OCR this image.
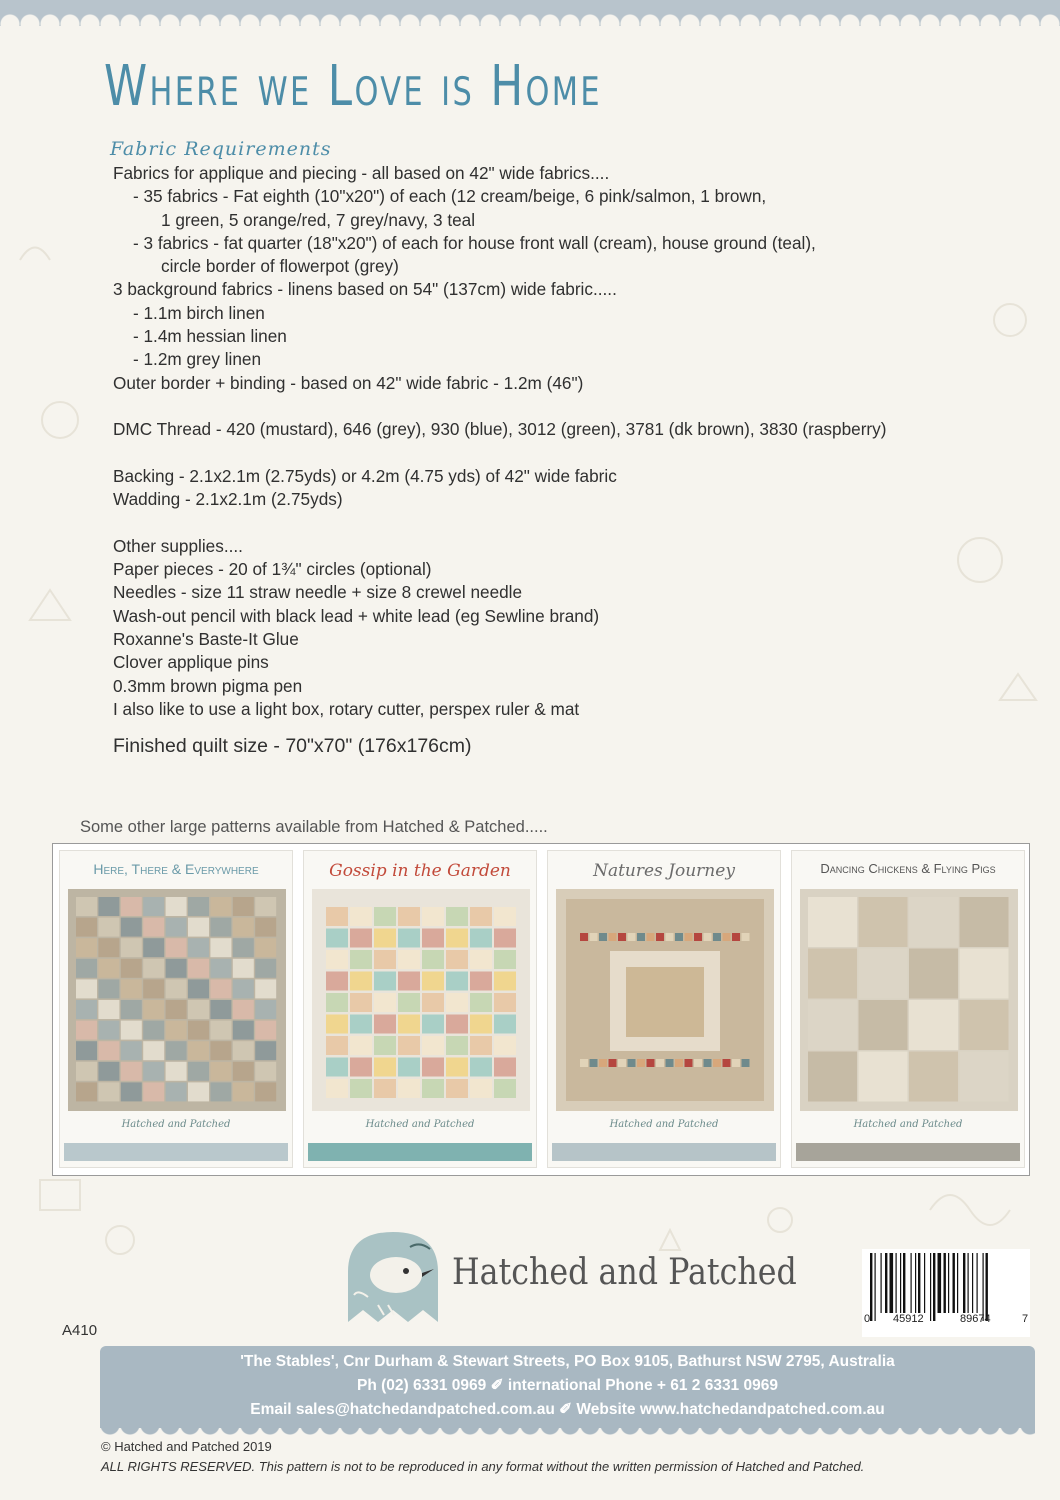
Where we Love is Home
Fabric Requirements
Fabrics for applique and piecing - all based on 42" wide fabrics....
- 35 fabrics - Fat eighth (10"x20") of each (12 cream/beige, 6 pink/salmon, 1 brown,
1 green, 5 orange/red, 7 grey/navy, 3 teal
- 3 fabrics - fat quarter (18"x20") of each for house front wall (cream), house ground (teal),
circle border of flowerpot (grey)
3 background fabrics - linens based on 54" (137cm) wide fabric.....
- 1.1m birch linen
- 1.4m hessian linen
- 1.2m grey linen
Outer border + binding - based on 42" wide fabric - 1.2m (46")
DMC Thread - 420 (mustard), 646 (grey), 930 (blue), 3012 (green), 3781 (dk brown), 3830 (raspberry)
Backing - 2.1x2.1m (2.75yds) or 4.2m (4.75 yds) of 42" wide fabric
Wadding - 2.1x2.1m (2.75yds)
Other supplies....
Paper pieces - 20 of 1¾" circles (optional)
Needles - size 11 straw needle + size 8 crewel needle
Wash-out pencil with black lead + white lead (eg Sewline brand)
Roxanne's Baste-It Glue
Clover applique pins
0.3mm brown pigma pen
I also like to use a light box, rotary cutter, perspex ruler & mat
Finished quilt size - 70"x70" (176x176cm)
Some other large patterns available from Hatched & Patched.....
Here, There & Everywhere
Hatched and Patched
Gossip in the Garden
Hatched and Patched
Natures Journey
Hatched and Patched
Dancing Chickens & Flying Pigs
Hatched and Patched
Hatched and Patched
0 45912	89674	7
A410
'The Stables', Cnr Durham & Stewart Streets, PO Box 9105, Bathurst NSW 2795, Australia
Ph (02) 6331 0969 ✐ international Phone + 61 2 6331 0969
Email sales@hatchedandpatched.com.au ✐ Website www.hatchedandpatched.com.au
© Hatched and Patched 2019
ALL RIGHTS RESERVED. This pattern is not to be reproduced in any format without the written permission of Hatched and Patched.
